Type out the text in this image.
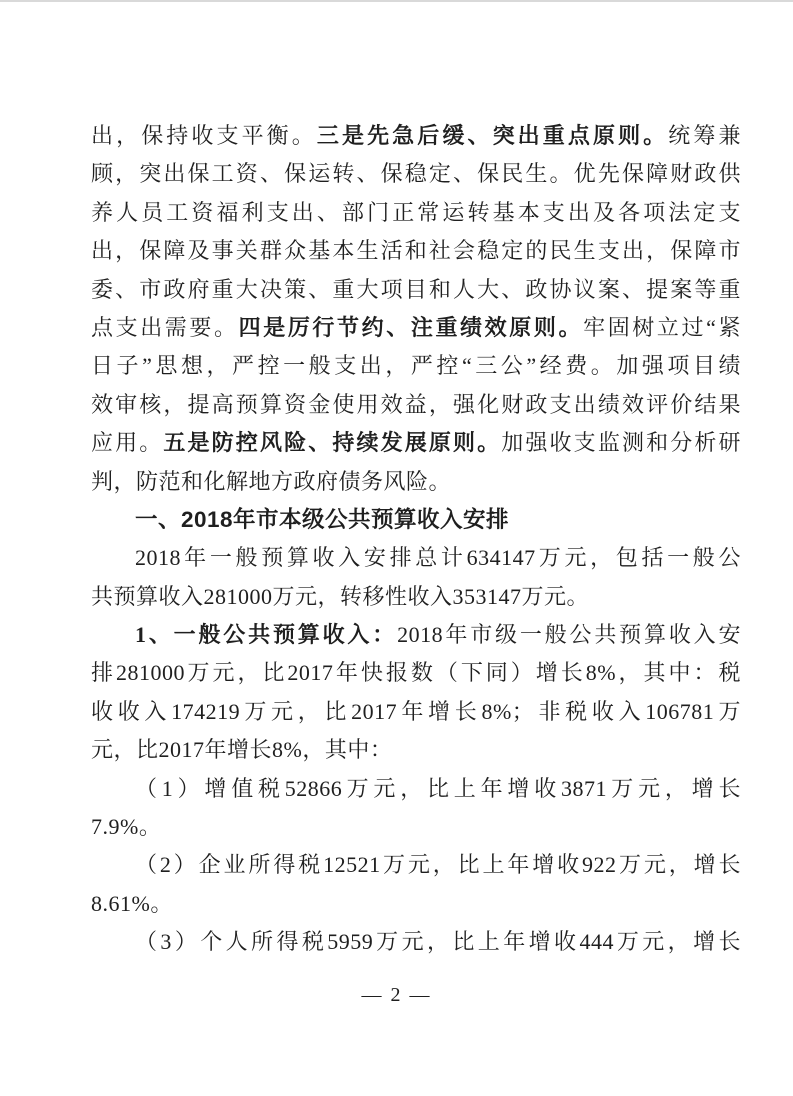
出，保持收支平衡。三是先急后缓、突出重点原则。统筹兼
顾，突出保工资、保运转、保稳定、保民生。优先保障财政供
养人员工资福利支出、部门正常运转基本支出及各项法定支
出，保障及事关群众基本生活和社会稳定的民生支出，保障市
委、市政府重大决策、重大项目和人大、政协议案、提案等重
点支出需要。四是厉行节约、注重绩效原则。牢固树立过“紧
日子”思想，严控一般支出，严控“三公”经费。加强项目绩
效审核，提高预算资金使用效益，强化财政支出绩效评价结果
应用。五是防控风险、持续发展原则。加强收支监测和分析研
判，防范和化解地方政府债务风险。
一、2018年市本级公共预算收入安排
2018年一般预算收入安排总计634147万元，包括一般公
共预算收入281000万元，转移性收入353147万元。
1、一般公共预算收入：2018年市级一般公共预算收入安
排281000万元，比2017年快报数（下同）增长8%，其中：税
收收入174219万元，比2017年增长8%；非税收入106781万
元，比2017年增长8%，其中：
（1）增值税52866万元，比上年增收3871万元，增长
7.9%。
（2）企业所得税12521万元，比上年增收922万元，增长
8.61%。
（3）个人所得税5959万元，比上年增收444万元，增长
— 2 —
